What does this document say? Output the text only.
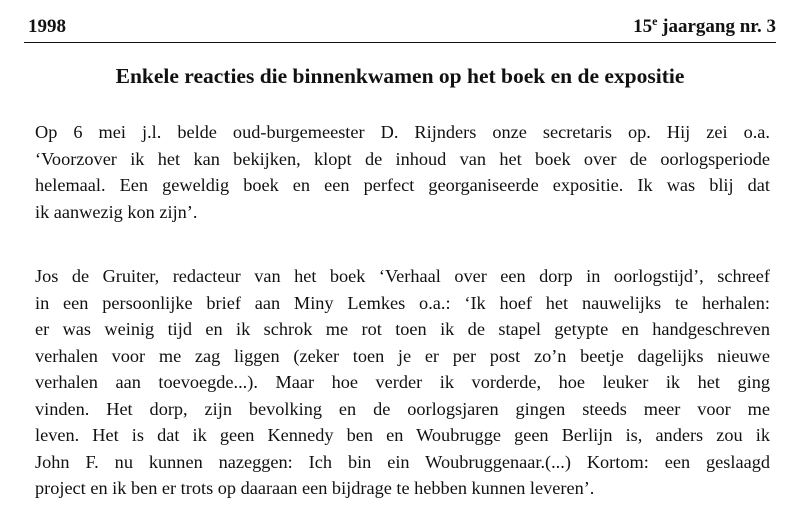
1998	15e jaargang nr. 3
Enkele reacties die binnenkwamen op het boek en de expositie

Op 6 mei j.l. belde oud-burgemeester D. Rijnders onze secretaris op. Hij zei o.a.
‘Voorzover ik het kan bekijken, klopt de inhoud van het boek over de oorlogsperiode
helemaal. Een geweldig boek en een perfect georganiseerde expositie. Ik was blij dat
ik aanwezig kon zijn’.

Jos de Gruiter, redacteur van het boek ‘Verhaal over een dorp in oorlogstijd’, schreef
in een persoonlijke brief aan Miny Lemkes o.a.: ‘Ik hoef het nauwelijks te herhalen:
er was weinig tijd en ik schrok me rot toen ik de stapel getypte en handgeschreven
verhalen voor me zag liggen (zeker toen je er per post zo’n beetje dagelijks nieuwe
verhalen aan toevoegde...). Maar hoe verder ik vorderde, hoe leuker ik het ging
vinden. Het dorp, zijn bevolking en de oorlogsjaren gingen steeds meer voor me
leven. Het is dat ik geen Kennedy ben en Woubrugge geen Berlijn is, anders zou ik
John F. nu kunnen nazeggen: Ich bin ein Woubruggenaar.(...) Kortom: een geslaagd
project en ik ben er trots op daaraan een bijdrage te hebben kunnen leveren’.
